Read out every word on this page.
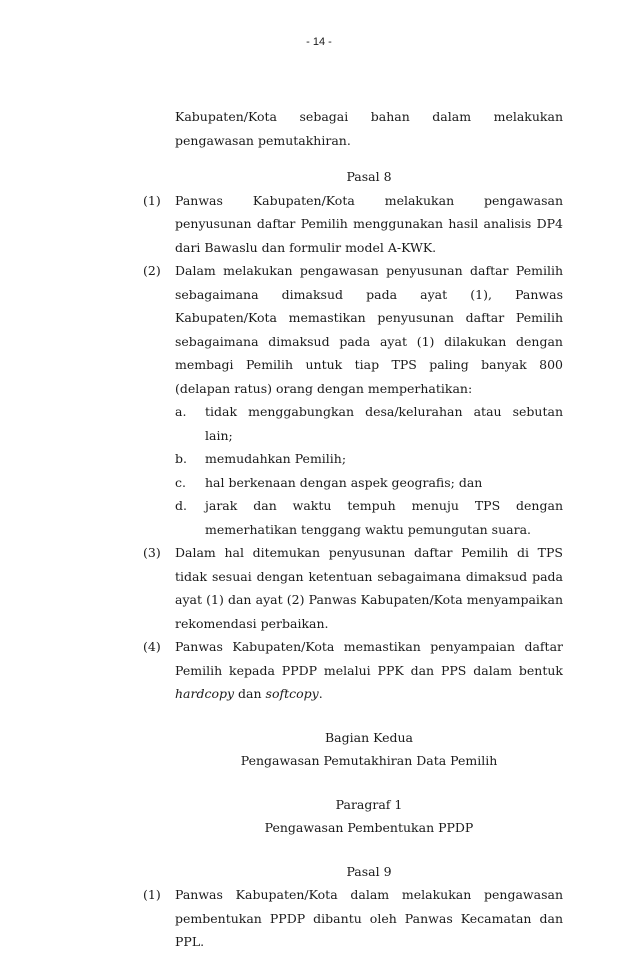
- 14 -
Kabupaten/Kota sebagai bahan dalam melakukan pengawasan pemutakhiran.
Pasal 8
(1)	Panwas Kabupaten/Kota melakukan pengawasan penyusunan daftar Pemilih menggunakan hasil analisis DP4 dari Bawaslu dan formulir model A-KWK.
(2)	Dalam melakukan pengawasan penyusunan daftar Pemilih sebagaimana dimaksud pada ayat (1), Panwas Kabupaten/Kota memastikan penyusunan daftar Pemilih sebagaimana dimaksud pada ayat (1) dilakukan dengan membagi Pemilih untuk tiap TPS paling banyak 800 (delapan ratus) orang dengan memperhatikan:
a.	tidak menggabungkan desa/kelurahan atau sebutan lain;
b.	memudahkan Pemilih;
c.	hal berkenaan dengan aspek geografis; dan
d.	jarak dan waktu tempuh menuju TPS dengan memerhatikan tenggang waktu pemungutan suara.
(3)	Dalam hal ditemukan penyusunan daftar Pemilih di TPS tidak sesuai dengan ketentuan sebagaimana dimaksud pada ayat (1) dan ayat (2) Panwas Kabupaten/Kota menyampaikan rekomendasi perbaikan.
(4)	Panwas Kabupaten/Kota memastikan penyampaian daftar Pemilih kepada PPDP melalui PPK dan PPS dalam bentuk hardcopy dan softcopy.
Bagian Kedua
Pengawasan Pemutakhiran Data Pemilih
Paragraf 1
Pengawasan Pembentukan PPDP
Pasal 9
(1)	Panwas Kabupaten/Kota dalam melakukan pengawasan pembentukan PPDP dibantu oleh Panwas Kecamatan dan PPL.
